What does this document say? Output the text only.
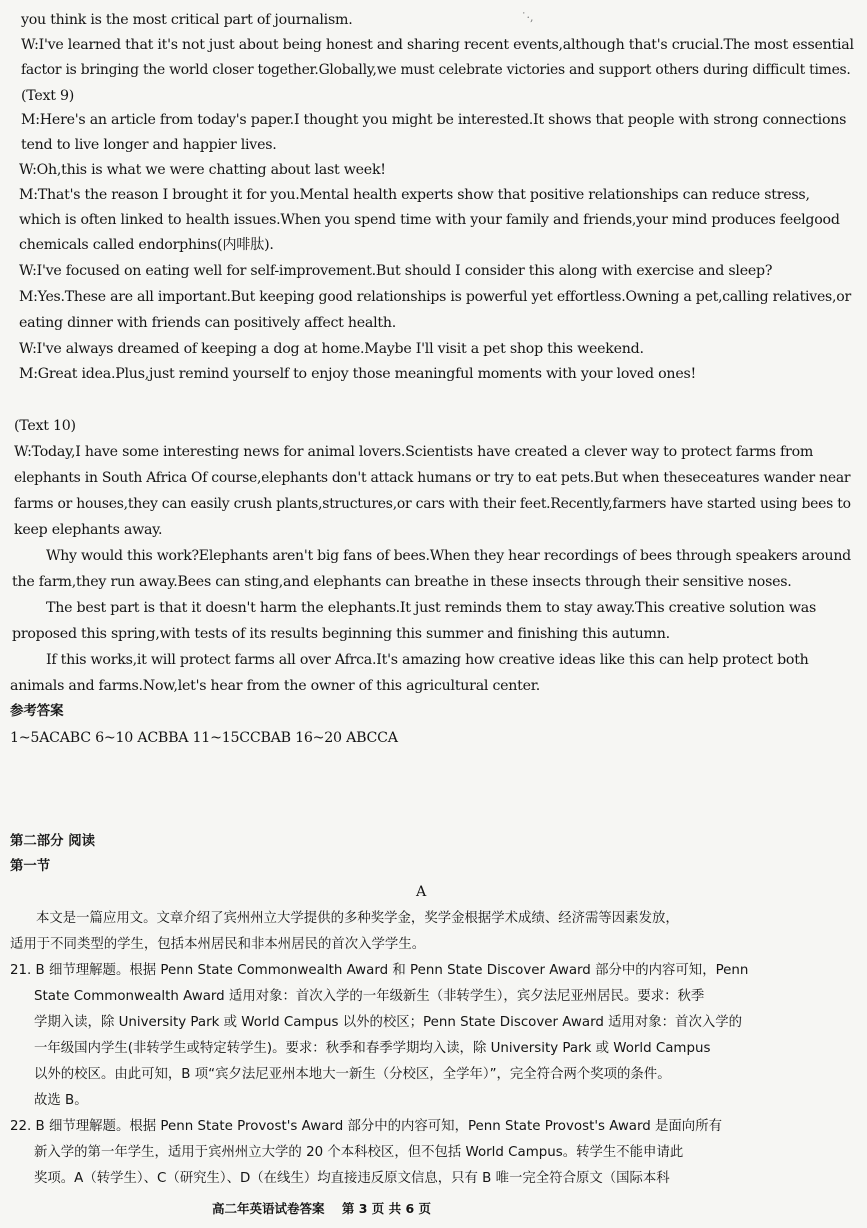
˙·,
you think is the most critical part of journalism.
W:I've learned that it's not just about being honest and sharing recent events,although that's crucial.The most essential
factor is bringing the world closer together.Globally,we must celebrate victories and support others during difficult times.
(Text 9)
M:Here's an article from today's paper.I thought you might be interested.It shows that people with strong connections
tend to live longer and happier lives.
W:Oh,this is what we were chatting about last week!
M:That's the reason I brought it for you.Mental health experts show that positive relationships can reduce stress,
which is often linked to health issues.When you spend time with your family and friends,your mind produces feelgood
chemicals called endorphins(内啡肽).
W:I've focused on eating well for self-improvement.But should I consider this along with exercise and sleep?
M:Yes.These are all important.But keeping good relationships is powerful yet effortless.Owning a pet,calling relatives,or
eating dinner with friends can positively affect health.
W:I've always dreamed of keeping a dog at home.Maybe I'll visit a pet shop this weekend.
M:Great idea.Plus,just remind yourself to enjoy those meaningful moments with your loved ones!
(Text 10)
W:Today,I have some interesting news for animal lovers.Scientists have created a clever way to protect farms from
elephants in South Africa Of course,elephants don't attack humans or try to eat pets.But when theseceatures wander near
farms or houses,they can easily crush plants,structures,or cars with their feet.Recently,farmers have started using bees to
keep elephants away.
Why would this work?Elephants aren't big fans of bees.When they hear recordings of bees through speakers around
the farm,they run away.Bees can sting,and elephants can breathe in these insects through their sensitive noses.
The best part is that it doesn't harm the elephants.It just reminds them to stay away.This creative solution was
proposed this spring,with tests of its results beginning this summer and finishing this autumn.
If this works,it will protect farms all over Afrca.It's amazing how creative ideas like this can help protect both
animals and farms.Now,let's hear from the owner of this agricultural center.
参考答案
1~5ACABC 6~10 ACBBA 11~15CCBAB 16~20 ABCCA
第二部分 阅读
第一节
A
本文是一篇应用文。文章介绍了宾州州立大学提供的多种奖学金，奖学金根据学术成绩、经济需等因素发放，
适用于不同类型的学生，包括本州居民和非本州居民的首次入学学生。
21. B 细节理解题。根据 Penn State Commonwealth Award 和 Penn State Discover Award 部分中的内容可知，Penn
State Commonwealth Award 适用对象：首次入学的一年级新生（非转学生），宾夕法尼亚州居民。要求：秋季
学期入读，除 University Park 或 World Campus 以外的校区；Penn State Discover Award 适用对象：首次入学的
一年级国内学生(非转学生或特定转学生)。要求：秋季和春季学期均入读，除 University Park 或 World Campus
以外的校区。由此可知，B 项“宾夕法尼亚州本地大一新生（分校区，全学年）”，完全符合两个奖项的条件。
故选 B。
22. B 细节理解题。根据 Penn State Provost's Award 部分中的内容可知，Penn State Provost's Award 是面向所有
新入学的第一年学生，适用于宾州州立大学的 20 个本科校区，但不包括 World Campus。转学生不能申请此
奖项。A（转学生）、C（研究生）、D（在线生）均直接违反原文信息，只有 B 唯一完全符合原文（国际本科
高二年英语试卷答案    第 3 页 共 6 页
